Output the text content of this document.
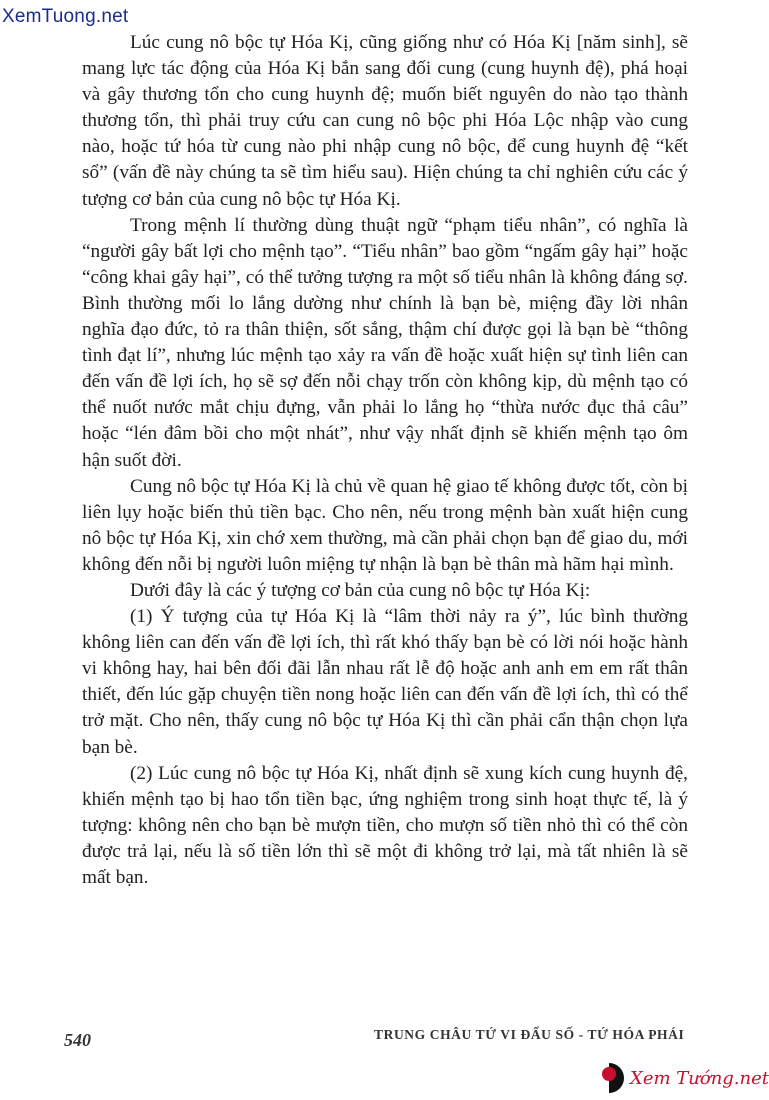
XemTuong.net

Lúc cung nô bộc tự Hóa Kị, cũng giống như có Hóa Kị [năm sinh], sẽ mang lực tác động của Hóa Kị bắn sang đối cung (cung huynh đệ), phá hoại và gây thương tổn cho cung huynh đệ; muốn biết nguyên do nào tạo thành thương tổn, thì phải truy cứu can cung nô bộc phi Hóa Lộc nhập vào cung nào, hoặc tứ hóa từ cung nào phi nhập cung nô bộc, để cung huynh đệ “kết sổ” (vấn đề này chúng ta sẽ tìm hiểu sau). Hiện chúng ta chỉ nghiên cứu các ý tượng cơ bản của cung nô bộc tự Hóa Kị.

Trong mệnh lí thường dùng thuật ngữ “phạm tiểu nhân”, có nghĩa là “người gây bất lợi cho mệnh tạo”. “Tiểu nhân” bao gồm “ngấm gây hại” hoặc “công khai gây hại”, có thể tưởng tượng ra một số tiểu nhân là không đáng sợ. Bình thường mối lo lắng dường như chính là bạn bè, miệng đầy lời nhân nghĩa đạo đức, tỏ ra thân thiện, sốt sắng, thậm chí được gọi là bạn bè “thông tình đạt lí”, nhưng lúc mệnh tạo xảy ra vấn đề hoặc xuất hiện sự tình liên can đến vấn đề lợi ích, họ sẽ sợ đến nỗi chạy trốn còn không kịp, dù mệnh tạo có thể nuốt nước mắt chịu đựng, vẫn phải lo lắng họ “thừa nước đục thả câu” hoặc “lén đâm bồi cho một nhát”, như vậy nhất định sẽ khiến mệnh tạo ôm hận suốt đời.

Cung nô bộc tự Hóa Kị là chủ về quan hệ giao tế không được tốt, còn bị liên lụy hoặc biến thủ tiền bạc. Cho nên, nếu trong mệnh bàn xuất hiện cung nô bộc tự Hóa Kị, xin chớ xem thường, mà cần phải chọn bạn để giao du, mới không đến nỗi bị người luôn miệng tự nhận là bạn bè thân mà hãm hại mình.

Dưới đây là các ý tượng cơ bản của cung nô bộc tự Hóa Kị:

(1) Ý tượng của tự Hóa Kị là “lâm thời nảy ra ý”, lúc bình thường không liên can đến vấn đề lợi ích, thì rất khó thấy bạn bè có lời nói hoặc hành vi không hay, hai bên đối đãi lẫn nhau rất lễ độ hoặc anh anh em em rất thân thiết, đến lúc gặp chuyện tiền nong hoặc liên can đến vấn đề lợi ích, thì có thể trở mặt. Cho nên, thấy cung nô bộc tự Hóa Kị thì cần phải cẩn thận chọn lựa bạn bè.

(2) Lúc cung nô bộc tự Hóa Kị, nhất định sẽ xung kích cung huynh đệ, khiến mệnh tạo bị hao tổn tiền bạc, ứng nghiệm trong sinh hoạt thực tế, là ý tượng: không nên cho bạn bè mượn tiền, cho mượn số tiền nhỏ thì có thể còn được trả lại, nếu là số tiền lớn thì sẽ một đi không trở lại, mà tất nhiên là sẽ mất bạn.

540	TRUNG CHÂU TỨ VI ĐẨU SỐ - TỨ HÓA PHÁI
Xem Tướng.net
